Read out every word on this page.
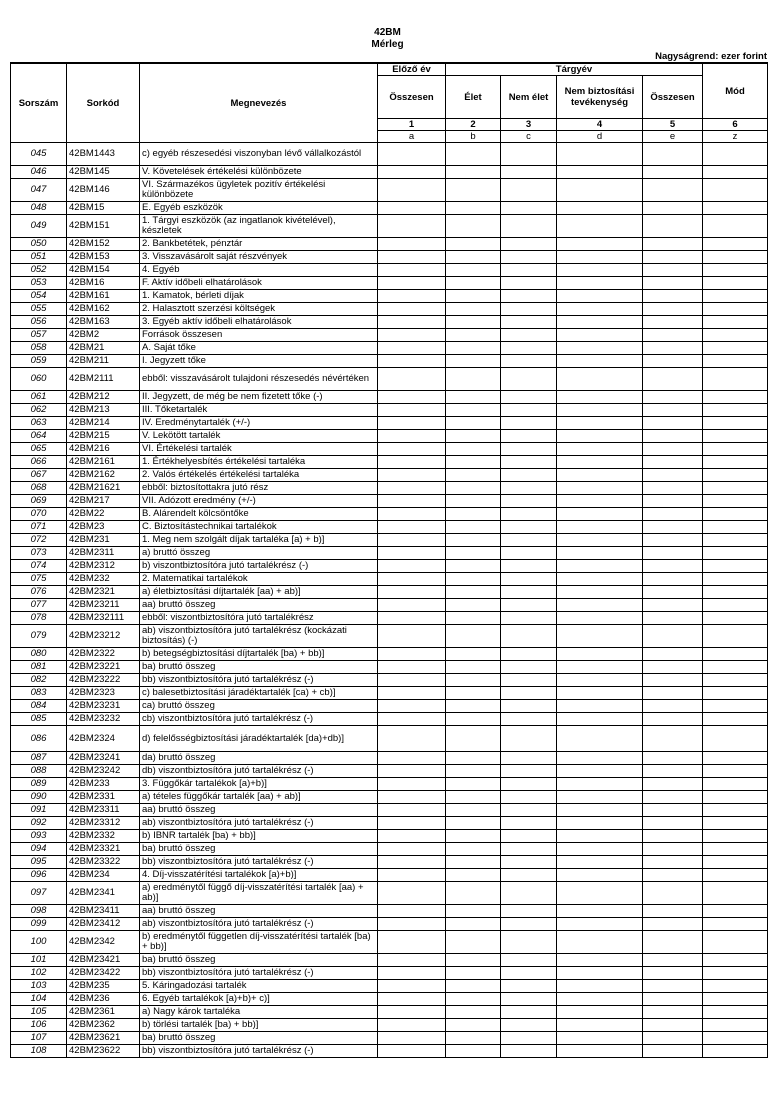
42BM
Mérleg
Nagyságrend: ezer forint
Sorszám	Sorkód	Megnevezés	Előző év	Tárgyév				Mód
			Összesen	Élet	Nem élet	Nem biztosítási tevékenység	Összesen	
			1	2	3	4	5	6
			a	b	c	d	e	z
045	42BM1443	c) egyéb részesedési viszonyban lévő vállalkozástól						
046	42BM145	V. Követelések értékelési különbözete						
047	42BM146	VI. Származékos ügyletek pozitív értékelési különbözete						
048	42BM15	E. Egyéb eszközök						
049	42BM151	1. Tárgyi eszközök (az ingatlanok kivételével), készletek						
050	42BM152	2. Bankbetétek, pénztár						
051	42BM153	3. Visszavásárolt saját részvények						
052	42BM154	4. Egyéb						
053	42BM16	F. Aktív időbeli elhatárolások						
054	42BM161	1. Kamatok, bérleti díjak						
055	42BM162	2. Halasztott szerzési költségek						
056	42BM163	3. Egyéb aktív időbeli elhatárolások						
057	42BM2	Források összesen						
058	42BM21	A. Saját tőke						
059	42BM211	I. Jegyzett tőke						
060	42BM2111	ebből: visszavásárolt tulajdoni részesedés névértéken						
061	42BM212	II. Jegyzett, de még be nem fizetett tőke (-)						
062	42BM213	III. Tőketartalék						
063	42BM214	IV. Eredménytartalék (+/-)						
064	42BM215	V. Lekötött tartalék						
065	42BM216	VI. Értékelési tartalék						
066	42BM2161	1. Értékhelyesbítés értékelési tartaléka						
067	42BM2162	2. Valós értékelés értékelési tartaléka						
068	42BM21621	ebből: biztosítottakra jutó rész						
069	42BM217	VII. Adózott eredmény (+/-)						
070	42BM22	B. Alárendelt kölcsöntőke						
071	42BM23	C. Biztosítástechnikai tartalékok						
072	42BM231	1. Meg nem szolgált díjak tartaléka [a) + b)]						
073	42BM2311	a) bruttó összeg						
074	42BM2312	b) viszontbiztosítóra jutó tartalékrész (-)						
075	42BM232	2. Matematikai tartalékok						
076	42BM2321	a) életbiztosítási díjtartalék [aa) + ab)]						
077	42BM23211	aa) bruttó összeg						
078	42BM232111	ebből: viszontbiztosítóra jutó tartalékrész						
079	42BM23212	ab) viszontbiztosítóra jutó tartalékrész (kockázati biztosítás) (-)						
080	42BM2322	b) betegségbiztosítási díjtartalék [ba) + bb)]						
081	42BM23221	ba) bruttó összeg						
082	42BM23222	bb) viszontbiztosítóra jutó tartalékrész (-)						
083	42BM2323	c) balesetbiztosítási járadéktartalék [ca) + cb)]						
084	42BM23231	ca) bruttó összeg						
085	42BM23232	cb) viszontbiztosítóra jutó tartalékrész (-)						
086	42BM2324	d) felelősségbiztosítási járadéktartalék [da)+db)]						
087	42BM23241	da) bruttó összeg						
088	42BM23242	db) viszontbiztosítóra jutó tartalékrész (-)						
089	42BM233	3. Függőkár tartalékok [a)+b)]						
090	42BM2331	a) tételes függőkár tartalék [aa) + ab)]						
091	42BM23311	aa) bruttó összeg						
092	42BM23312	ab) viszontbiztosítóra jutó tartalékrész (-)						
093	42BM2332	b) IBNR tartalék [ba) + bb)]						
094	42BM23321	ba) bruttó összeg						
095	42BM23322	bb) viszontbiztosítóra jutó tartalékrész (-)						
096	42BM234	4. Díj-visszatérítési tartalékok [a)+b)]						
097	42BM2341	a) eredménytől függő díj-visszatérítési tartalék [aa) + ab)]						
098	42BM23411	aa) bruttó összeg						
099	42BM23412	ab) viszontbiztosítóra jutó tartalékrész (-)						
100	42BM2342	b) eredménytől független díj-visszatérítési tartalék [ba) + bb)]						
101	42BM23421	ba) bruttó összeg						
102	42BM23422	bb) viszontbiztosítóra jutó tartalékrész (-)						
103	42BM235	5. Káringadozási tartalék						
104	42BM236	6. Egyéb tartalékok [a)+b)+ c)]						
105	42BM2361	a) Nagy károk tartaléka						
106	42BM2362	b) törlési tartalék [ba) + bb)]						
107	42BM23621	ba) bruttó összeg						
108	42BM23622	bb) viszontbiztosítóra jutó tartalékrész (-)						
